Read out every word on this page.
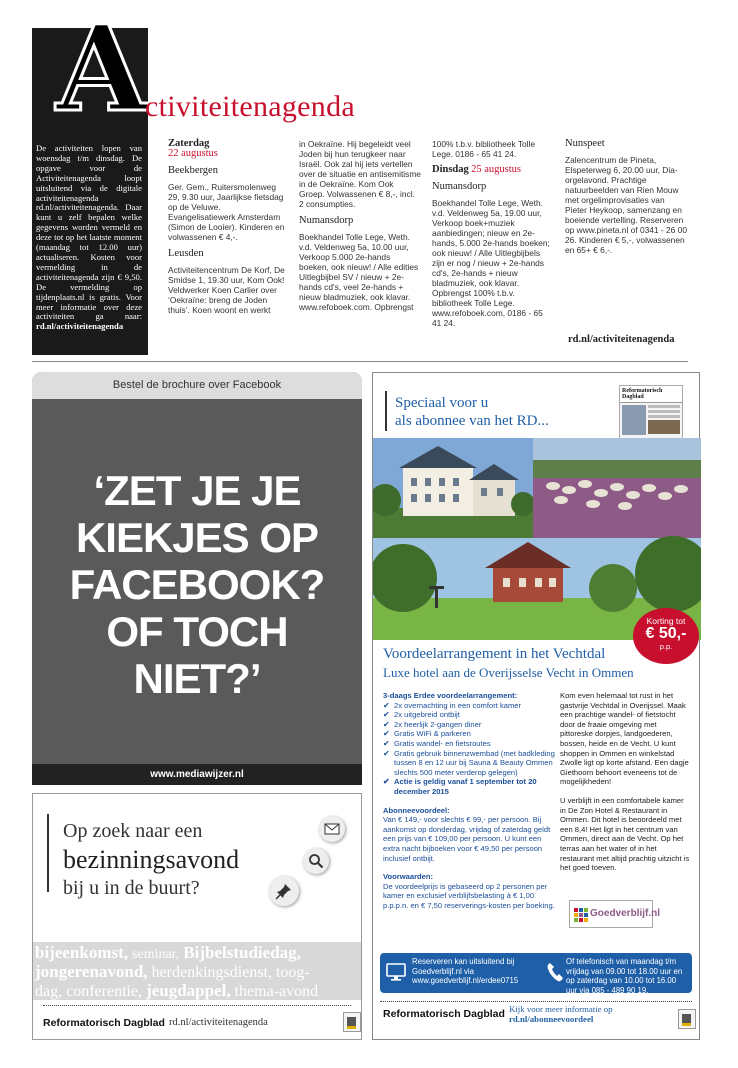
A
ctiviteitenagenda
De activiteiten lopen van woensdag t/m dinsdag. De opgave voor de Activiteitenagenda loopt uitsluitend via de digitale activiteitenagenda rd.nl/activiteitenagenda. Daar kunt u zelf bepalen welke gegevens worden vermeld en deze tot op het laatste moment (maandag tot 12.00 uur) actualiseren. Kosten voor vermelding in de activiteitenagenda zijn € 9,50. De vermelding op tijdenplaats.nl is gratis. Voor meer informatie over deze activiteiten ga naar: rd.nl/activiteitenagenda
Zaterdag
22 augustus
Beekbergen

Ger. Gem., Ruitersmolenweg 29, 9.30 uur, Jaarlijkse fietsdag op de Veluwe. Evangelisatiewerk Amsterdam (Simon de Looier). Kinderen en volwassenen € 4,-.

Leusden

Activiteitencentrum De Korf, De Smidse 1, 19.30 uur, Kom Ook! Veldwerker Koen Carlier over ‘Oekraïne: breng de Joden thuis’. Koen woont en werkt

in Oekraïne. Hij begeleidt veel Joden bij hun terugkeer naar Israël. Ook zal hij iets vertellen over de situatie en antisemitisme in de Oekraïne. Kom Ook Groep. Volwassenen € 8,-, incl. 2 consumpties.

Numansdorp

Boekhandel Tolle Lege, Weth. v.d. Veldenweg 5a, 10.00 uur, Verkoop 5.000 2e-hands boeken, ook nieuw! / Alle edities Uitlegbijbel SV / nieuw + 2e-hands cd's, veel 2e-hands + nieuw bladmuziek, ook klavar. www.refoboek.com. Opbrengst

100% t.b.v. bibliotheek Tolle Lege. 0186 - 65 41 24.

Dinsdag 25 augustus
Numansdorp

Boekhandel Tolle Lege, Weth. v.d. Veldenweg 5a, 19.00 uur, Verkoop boek+muziek aanbiedingen; nieuw en 2e-hands, 5.000 2e-hands boeken; ook nieuw! / Alle Uitlegbijbels zijn er nog / nieuw + 2e-hands cd's, 2e-hands + nieuw bladmuziek, ook klavar. Opbrengst 100% t.b.v. bibliotheek Tolle Lege. www.refoboek.com, 0186 - 65 41 24.

Nunspeet

Zalencentrum de Pineta, Elspeterweg 6, 20.00 uur, Dia-orgelavond. Prachtige natuurbeelden van Rien Mouw met orgelimprovisaties van Pieter Heykoop, samenzang en boeiende vertelling. Reserveren op www.pineta.nl of 0341 - 26 00 26. Kinderen € 5,-, volwassenen en 65+ € 6,-.

rd.nl/activiteitenagenda
Bestel de brochure over Facebook
‘ZET JE JE
KIEKJES OP
FACEBOOK?
OF TOCH
NIET?’
www.mediawijzer.nl
Op zoek naar een
bezinningsavond
bij u in de buurt?
bijeenkomst, seminar, Bijbelstudiedag,
jongerenavond, herdenkingsdienst, toog-
dag, conferentie, jeugdappel, thema-avond
Reformatorisch Dagblad rd.nl/activiteitenagenda
Speciaal voor u
als abonnee van het RD...
Reformatorisch Dagblad
Korting tot
€ 50,-
p.p.
Voordeelarrangement in het Vechtdal
Luxe hotel aan de Overijsselse Vecht in Ommen
3-daags Erdee voordeelarrangement:
✔ 2x overnachting in een comfort kamer
✔ 2x uitgebreid ontbijt
✔ 2x heerlijk 2-gangen diner
✔ Gratis WiFi & parkeren
✔ Gratis wandel- en fietsroutes
✔ Gratis gebruik binnenzwembad (met badkleding tussen 8 en 12 uur bij Sauna & Beauty Ommen slechts 500 meter verderop gelegen)
✔ Actie is geldig vanaf 1 september tot 20 december 2015
Abonneevoordeel:
Van € 149,- voor slechts € 99,- per persoon. Bij aankomst op donderdag, vrijdag of zaterdag geldt een prijs van € 109,00 per persoon. U kunt een extra nacht bijboeken voor € 49,50 per persoon inclusief ontbijt.
Voorwaarden:
De voordeelprijs is gebaseerd op 2 personen per kamer en exclusief verblijfsbelasting à € 1,00 p.p.p.n. en € 7,50 reserverings-kosten per boeking.
Kom even helemaal tot rust in het gastvrije Vechtdal in Overijssel. Maak een prachtige wandel- of fietstocht door de fraaie omgeving met pittoreske dorpjes, landgoederen, bossen, heide en de Vecht. U kunt shoppen in Ommen en winkelstad Zwolle ligt op korte afstand. Een dagje Giethoorn behoort eveneens tot de mogelijkheden!
U verblijft in een comfortabele kamer in De Zon Hotel & Restaurant in Ommen. Dit hotel is beoordeeld met een 8,4! Het ligt in het centrum van Ommen, direct aan de Vecht. Op het terras aan het water of in het restaurant met altijd prachtig uitzicht is het goed toeven.
Goedverblijf.nl
Reserveren kan uitsluitend bij Goedverblijf.nl via www.goedverblijf.nl/erdee0715
Of telefonisch van maandag t/m vrijdag van 09.00 tot 18.00 uur en op zaterdag van 10.00 tot 16.00 uur via 085 - 489 90 19.
Reformatorisch Dagblad Kijk voor meer informatie op
rd.nl/abonneevoordeel
